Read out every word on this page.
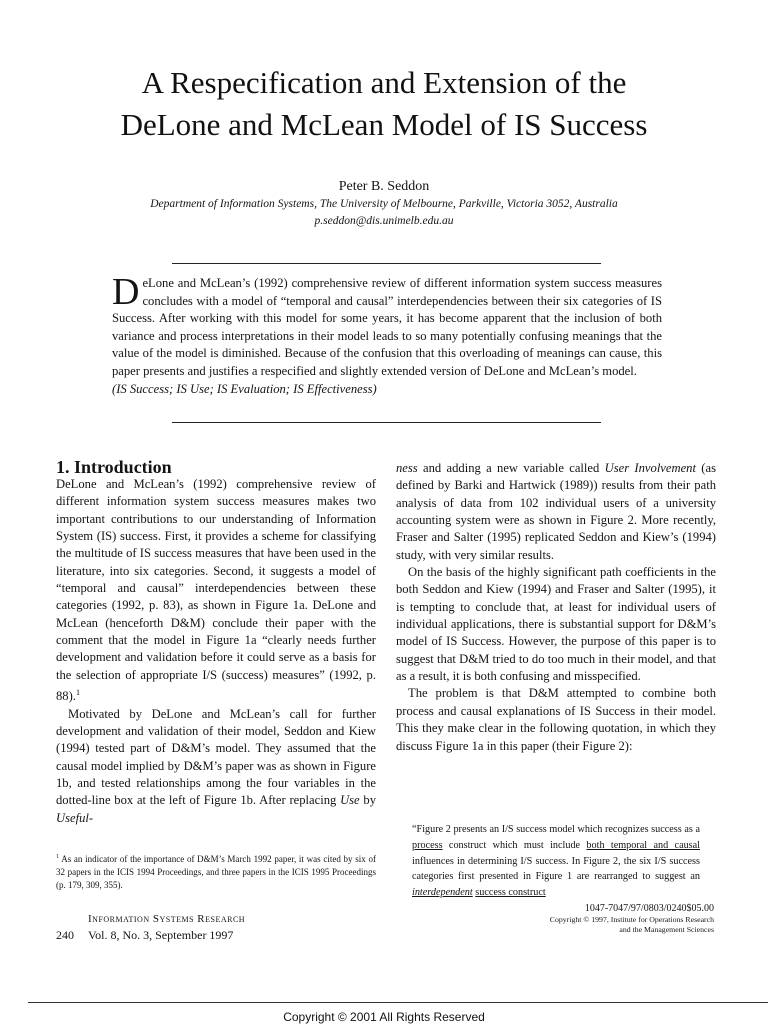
A Respecification and Extension of the
DeLone and McLean Model of IS Success
Peter B. Seddon
Department of Information Systems, The University of Melbourne, Parkville, Victoria 3052, Australia
p.seddon@dis.unimelb.edu.au
DeLone and McLean’s (1992) comprehensive review of different information system success measures concludes with a model of “temporal and causal” interdependencies between their six categories of IS Success. After working with this model for some years, it has become apparent that the inclusion of both variance and process interpretations in their model leads to so many potentially confusing meanings that the value of the model is diminished. Because of the confusion that this overloading of meanings can cause, this paper presents and justifies a respecified and slightly extended version of DeLone and McLean’s model.
(IS Success; IS Use; IS Evaluation; IS Effectiveness)
1. Introduction

DeLone and McLean’s (1992) comprehensive review of different information system success measures makes two important contributions to our understanding of Information System (IS) success. First, it provides a scheme for classifying the multitude of IS success measures that have been used in the literature, into six categories. Second, it suggests a model of “temporal and causal” interdependencies between these categories (1992, p. 83), as shown in Figure 1a. DeLone and McLean (henceforth D&M) conclude their paper with the comment that the model in Figure 1a “clearly needs further development and validation before it could serve as a basis for the selection of appropriate I/S (success) measures” (1992, p. 88).$^1$

Motivated by DeLone and McLean’s call for further development and validation of their model, Seddon and Kiew (1994) tested part of D&M’s model. They assumed that the causal model implied by D&M’s paper was as shown in Figure 1b, and tested relationships among the four variables in the dotted-line box at the left of Figure 1b. After replacing Use by Useful-

$^1$ As an indicator of the importance of D&M’s March 1992 paper, it was cited by six of 32 papers in the ICIS 1994 Proceedings, and three papers in the ICIS 1995 Proceedings (p. 179, 309, 355).

ness and adding a new variable called User Involvement (as defined by Barki and Hartwick (1989)) results from their path analysis of data from 102 individual users of a university accounting system were as shown in Figure 2. More recently, Fraser and Salter (1995) replicated Seddon and Kiew’s (1994) study, with very similar results.

On the basis of the highly significant path coefficients in the both Seddon and Kiew (1994) and Fraser and Salter (1995), it is tempting to conclude that, at least for individual users of individual applications, there is substantial support for D&M’s model of IS Success. However, the purpose of this paper is to suggest that D&M tried to do too much in their model, and that as a result, it is both confusing and misspecified.

The problem is that D&M attempted to combine both process and causal explanations of IS Success in their model. This they make clear in the following quotation, in which they discuss Figure 1a in this paper (their Figure 2):

“Figure 2 presents an I/S success model which recognizes success as a process construct which must include both temporal and causal influences in determining I/S success. In Figure 2, the six I/S success categories first presented in Figure 1 are rearranged to suggest an interdependent success construct
Information Systems Research
240 Vol. 8, No. 3, September 1997
1047-7047/97/0803/0240$05.00
Copyright © 1997, Institute for Operations Research
and the Management Sciences
Copyright © 2001 All Rights Reserved
